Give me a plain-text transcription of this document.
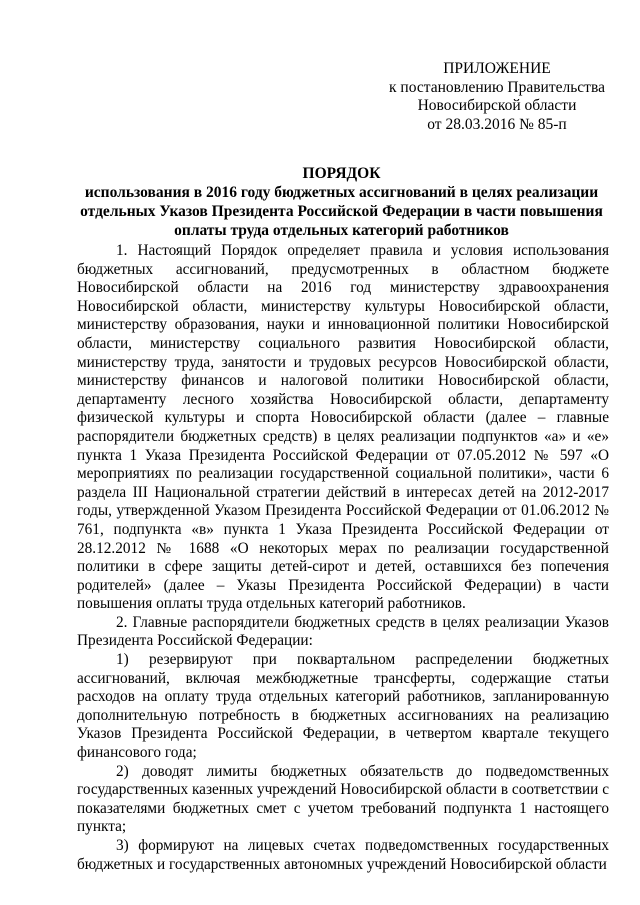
ПРИЛОЖЕНИЕ
к постановлению Правительства
Новосибирской области
от 28.03.2016 № 85-п
ПОРЯДОК
использования в 2016 году бюджетных ассигнований в целях реализации
отдельных Указов Президента Российской Федерации в части повышения
оплаты труда отдельных категорий работников

1. Настоящий Порядок определяет правила и условия использования бюджетных ассигнований, предусмотренных в областном бюджете Новосибирской области на 2016 год министерству здравоохранения Новосибирской области, министерству культуры Новосибирской области, министерству образования, науки и инновационной политики Новосибирской области, министерству социального развития Новосибирской области, министерству труда, занятости и трудовых ресурсов Новосибирской области, министерству финансов и налоговой политики Новосибирской области, департаменту лесного хозяйства Новосибирской области, департаменту физической культуры и спорта Новосибирской области (далее – главные распорядители бюджетных средств) в целях реализации подпунктов «а» и «е» пункта 1 Указа Президента Российской Федерации от 07.05.2012 № 597 «О мероприятиях по реализации государственной социальной политики», части 6 раздела III Национальной стратегии действий в интересах детей на 2012-2017 годы, утвержденной Указом Президента Российской Федерации от 01.06.2012 № 761, подпункта «в» пункта 1 Указа Президента Российской Федерации от 28.12.2012 № 1688 «О некоторых мерах по реализации государственной политики в сфере защиты детей-сирот и детей, оставшихся без попечения родителей» (далее – Указы Президента Российской Федерации) в части повышения оплаты труда отдельных категорий работников.

2. Главные распорядители бюджетных средств в целях реализации Указов Президента Российской Федерации:

1) резервируют при поквартальном распределении бюджетных ассигнований, включая межбюджетные трансферты, содержащие статьи расходов на оплату труда отдельных категорий работников, запланированную дополнительную потребность в бюджетных ассигнованиях на реализацию Указов Президента Российской Федерации, в четвертом квартале текущего финансового года;

2) доводят лимиты бюджетных обязательств до подведомственных государственных казенных учреждений Новосибирской области в соответствии с показателями бюджетных смет с учетом требований подпункта 1 настоящего пункта;

3) формируют на лицевых счетах подведомственных государственных бюджетных и государственных автономных учреждений Новосибирской области
